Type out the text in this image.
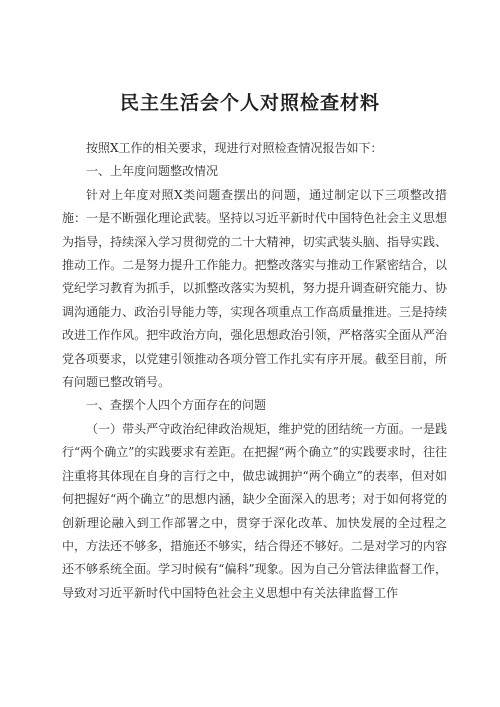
民主生活会个人对照检查材料

按照X工作的相关要求，现进行对照检查情况报告如下：

一、上年度问题整改情况

针对上年度对照X类问题查摆出的问题，通过制定以下三项整改措施：一是不断强化理论武装。坚持以习近平新时代中国特色社会主义思想为指导，持续深入学习贯彻党的二十大精神，切实武装头脑、指导实践、推动工作。二是努力提升工作能力。把整改落实与推动工作紧密结合，以党纪学习教育为抓手，以抓整改落实为契机，努力提升调查研究能力、协调沟通能力、政治引导能力等，实现各项重点工作高质量推进。三是持续改进工作作风。把牢政治方向，强化思想政治引领，严格落实全面从严治党各项要求，以党建引领推动各项分管工作扎实有序开展。截至目前，所有问题已整改销号。

一、查摆个人四个方面存在的问题

（一）带头严守政治纪律政治规矩，维护党的团结统一方面。一是践行“两个确立”的实践要求有差距。在把握“两个确立”的实践要求时，往往注重将其体现在自身的言行之中，做忠诚拥护“两个确立”的表率，但对如何把握好“两个确立”的思想内涵，缺少全面深入的思考；对于如何将党的创新理论融入到工作部署之中，贯穿于深化改革、加快发展的全过程之中，方法还不够多，措施还不够实，结合得还不够好。二是对学习的内容还不够系统全面。学习时候有“偏科”现象。因为自己分管法律监督工作，导致对习近平新时代中国特色社会主义思想中有关法律监督工作
